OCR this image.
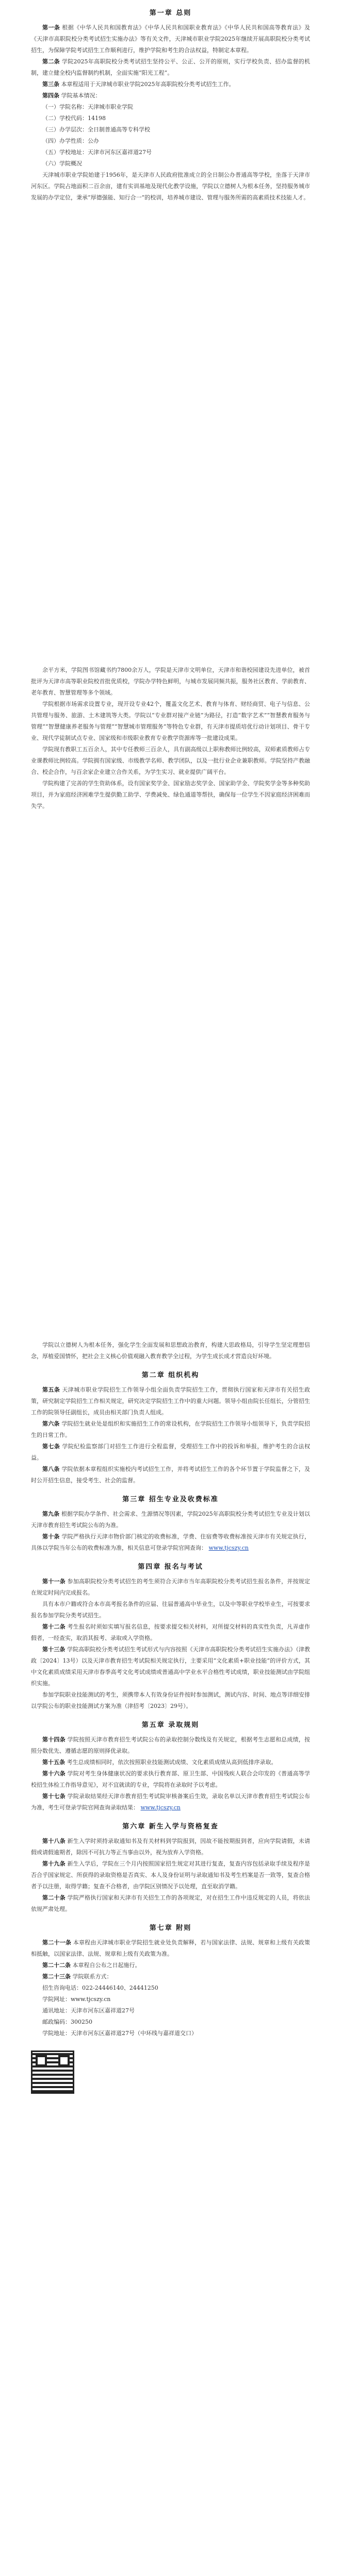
第一章 总则

第一条 根据《中华人民共和国教育法》《中华人民共和国职业教育法》《中华人民共和国高等教育法》及《天津市高职院校分类考试招生实施办法》等有关文件，天津城市职业学院2025年继续开展高职院校分类考试招生，为保障学院考试招生工作顺利进行，维护学院和考生的合法权益，特制定本章程。

第二条 学院2025年高职院校分类考试招生坚持公平、公正、公开的原则，实行学校负责、招办监督的机制，建立健全校内监督制约机制，全面实施“阳光工程”。

第三条 本章程适用于天津城市职业学院2025年高职院校分类考试招生工作。

第四条 学院基本情况：

（一）学院名称：天津城市职业学院
（二）学校代码：14198
（三）办学层次：全日制普通高等专科学校
（四）办学性质：公办
（五）学校地址：天津市河东区嘉祥道27号
（六）学院概况

天津城市职业学院始建于1956年，是天津市人民政府批准成立的全日制公办普通高等学校，坐落于天津市河东区。学院占地面积二百余亩，建有实训基地及现代化教学设施，学院以立德树人为根本任务，坚持服务城市发展的办学定位，秉承“厚德强能、知行合一”的校训，培养城市建设、管理与服务所需的高素质技术技能人才。

余平方米，学院图书馆藏书约7800余万人，学院是天津市文明单位，天津市和谐校园建设先进单位，被首批评为天津市高等职业院校首批优质校，学院办学特色鲜明，与城市发展同频共振，服务社区教育、学前教育、老年教育、智慧管理等多个领域。

学院根据市场需求设置专业，现开设专业42个，覆盖文化艺术、教育与体育、财经商贸、电子与信息、公共管理与服务、旅游、土木建筑等大类。学院以“专业群对接产业链”为路径，打造“数字艺术”“智慧教育服务与管理”“智慧健康养老服务与管理”“智慧城市管理服务”等特色专业群，有天津市提质培优行动计划项目、骨干专业、现代学徒制试点专业、国家级和市级职业教育专业教学资源库等一批建设成果。

学院现有教职工五百余人，其中专任教师三百余人，具有副高级以上职称教师比例较高，双师素质教师占专业课教师比例较高。学院拥有国家级、市级教学名师、教学团队，以及一批行业企业兼职教师。学院坚持产教融合、校企合作，与百余家企业建立合作关系，为学生实习、就业提供广阔平台。

学院构建了完善的学生资助体系，设有国家奖学金、国家励志奖学金、国家助学金、学院奖学金等多种奖助项目，并为家庭经济困难学生提供勤工助学、学费减免、绿色通道等帮扶，确保每一位学生不因家庭经济困难而失学。

学院以立德树人为根本任务，强化学生全面发展和思想政治教育，构建大思政格局，引导学生坚定理想信念，厚植爱国情怀，把社会主义核心价值观融入教育教学全过程，为学生成长成才营造良好环境。

第二章 组织机构

第五条 天津城市职业学院招生工作领导小组全面负责学院招生工作，贯彻执行国家和天津市有关招生政策，研究制定学院招生工作相关规定，研究决定学院招生工作中的重大问题。领导小组由院长任组长，分管招生工作的院领导任副组长，成员由相关部门负责人组成。

第六条 学院招生就业处是组织和实施招生工作的常设机构，在学院招生工作领导小组领导下，负责学院招生的日常工作。

第七条 学院纪检监察部门对招生工作进行全程监督，受理招生工作中的投诉和举报，维护考生的合法权益。

第八条 学院依据本章程组织实施校内考试招生工作，并将考试招生工作的各个环节置于学院监督之下，及时公开招生信息，接受考生、社会的监督。

第三章 招生专业及收费标准

第九条 根据学院办学条件、社会需求、生源情况等因素，学院2025年高职院校分类考试招生专业及计划以天津市教育招生考试院公布的为准。

第十条 学院严格执行天津市物价部门核定的收费标准，学费、住宿费等收费标准按天津市有关规定执行，具体以学院当年公布的收费标准为准，相关信息可登录学院官网查询： www.tjcszy.cn

第四章 报名与考试

第十一条 参加高职院校分类考试招生的考生须符合天津市当年高职院校分类考试招生报名条件，并按规定在规定时间内完成报名。

具有本市户籍或符合本市高考报名条件的应届、往届普通高中毕业生，以及中等职业学校毕业生，可按要求报名参加学院分类考试招生。

第十二条 考生报名时须如实填写报名信息，按要求提交相关材料，对所提交材料的真实性负责，凡弄虚作假者，一经查实，取消其报考、录取或入学资格。

第十三条 学院高职院校分类考试招生考试形式与内容按照《天津市高职院校分类考试招生实施办法》（津教政〔2024〕13号）以及天津市教育招生考试院相关规定执行，主要采用“文化素质+职业技能”的评价方式，其中文化素质成绩采用天津市春季高考文化考试成绩或普通高中学业水平合格性考试成绩，职业技能测试由学院组织实施。

参加学院职业技能测试的考生，须携带本人有效身份证件按时参加测试，测试内容、时间、地点等详细安排以学院公布的职业技能测试方案为准（津招考〔2023〕29号）。

第五章 录取规则

第十四条 学院按照天津市教育招生考试院公布的录取控制分数线及有关规定，根据考生志愿和总成绩，按照分数优先、遵循志愿的原则择优录取。

第十五条 考生总成绩相同时，依次按照职业技能测试成绩、文化素质成绩从高到低排序录取。

第十六条 学院对考生身体健康状况的要求执行教育部、原卫生部、中国残疾人联合会印发的《普通高等学校招生体检工作指导意见》，对不宜就读的专业，学院将在录取时予以考虑。

第十七条 学院录取结果经天津市教育招生考试院审核备案后生效，录取名单以天津市教育招生考试院公布为准，考生可登录学院官网查询录取结果： www.tjcszy.cn

第六章 新生入学与资格复查

第十八条 新生入学时须持录取通知书及有关材料到学院报到，因故不能按期报到者，应向学院请假，未请假或请假逾期者，除因不可抗力等正当事由以外，视为放弃入学资格。

第十九条 新生入学后，学院在三个月内按照国家招生规定对其进行复查，复查内容包括录取手续及程序是否合乎国家规定、所获得的录取资格是否真实、本人及身份证明与录取通知书及考生档案是否一致等，复查合格者予以注册，取得学籍；复查不合格者，由学院区别情况予以处理，直至取消学籍。

第二十条 学院严格执行国家和天津市有关招生工作的各项规定，对在招生工作中违反规定的人员，将依法依规严肃处理。

第七章 附则

第二十一条 本章程由天津城市职业学院招生就业处负责解释，若与国家法律、法规、规章和上级有关政策相抵触，以国家法律、法规、规章和上级有关政策为准。

第二十二条 本章程自公布之日起施行。

第二十三条 学院联系方式：

招生咨询电话：022-24446140、24441250
学院网址：www.tjcszy.cn
通讯地址：天津市河东区嘉祥道27号
邮政编码：300250
学院地址：天津市河东区嘉祥道27号（中环线与嘉祥道交口）
